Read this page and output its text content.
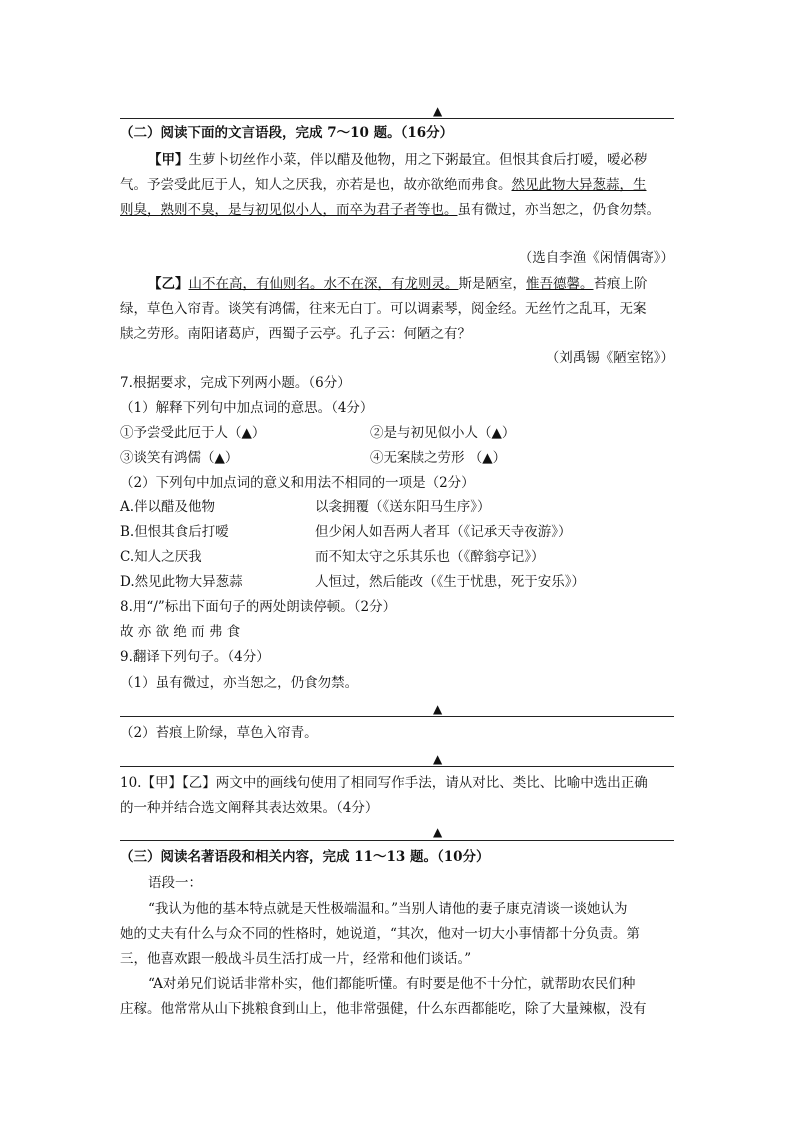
▲
（二）阅读下面的文言语段，完成 7～10 题。（16分）
【甲】生萝卜切丝作小菜，伴以醋及他物，用之下粥最宜。但恨其食后打嗳，嗳必秽
气。予尝受此厄于人，知人之厌我，亦若是也，故亦欲绝而弗食。然见此物大异葱蒜，生
则臭，熟则不臭，是与初见似小人，而卒为君子者等也。虽有微过，亦当恕之，仍食勿禁。
（选自李渔《闲情偶寄》）
【乙】山不在高，有仙则名。水不在深，有龙则灵。斯是陋室，惟吾德馨。苔痕上阶
绿，草色入帘青。谈笑有鸿儒，往来无白丁。可以调素琴，阅金经。无丝竹之乱耳，无案
牍之劳形。南阳诸葛庐，西蜀子云亭。孔子云：何陋之有？
（刘禹锡《陋室铭》）
7.根据要求，完成下列两小题。（6分）
（1）解释下列句中加点词的意思。（4分）
①予尝受此厄于人（▲）	②是与初见似小人（▲）
③谈笑有鸿儒（▲）	④无案牍之劳形 （▲）
（2）下列句中加点词的意义和用法不相同的一项是（2分）
A.伴以醋及他物	以衾拥覆（《送东阳马生序》）
B.但恨其食后打嗳	但少闲人如吾两人者耳（《记承天寺夜游》）
C.知人之厌我	而不知太守之乐其乐也（《醉翁亭记》）
D.然见此物大异葱蒜	人恒过，然后能改（《生于忧患，死于安乐》）
8.用“/”标出下面句子的两处朗读停顿。（2分）
故 亦 欲 绝 而 弗 食
9.翻译下列句子。（4分）
（1）虽有微过，亦当恕之，仍食勿禁。
▲
（2）苔痕上阶绿，草色入帘青。
▲
10.【甲】【乙】两文中的画线句使用了相同写作手法，请从对比、类比、比喻中选出正确
的一种并结合选文阐释其表达效果。（4分）
▲
（三）阅读名著语段和相关内容，完成 11～13 题。（10分）
语段一：
“我认为他的基本特点就是天性极端温和。”当别人请他的妻子康克清谈一谈她认为
她的丈夫有什么与众不同的性格时，她说道，“其次，他对一切大小事情都十分负责。第
三，他喜欢跟一般战斗员生活打成一片，经常和他们谈话。”
“A对弟兄们说话非常朴实，他们都能听懂。有时要是他不十分忙，就帮助农民们种
庄稼。他常常从山下挑粮食到山上，他非常强健，什么东西都能吃，除了大量辣椒，没有
